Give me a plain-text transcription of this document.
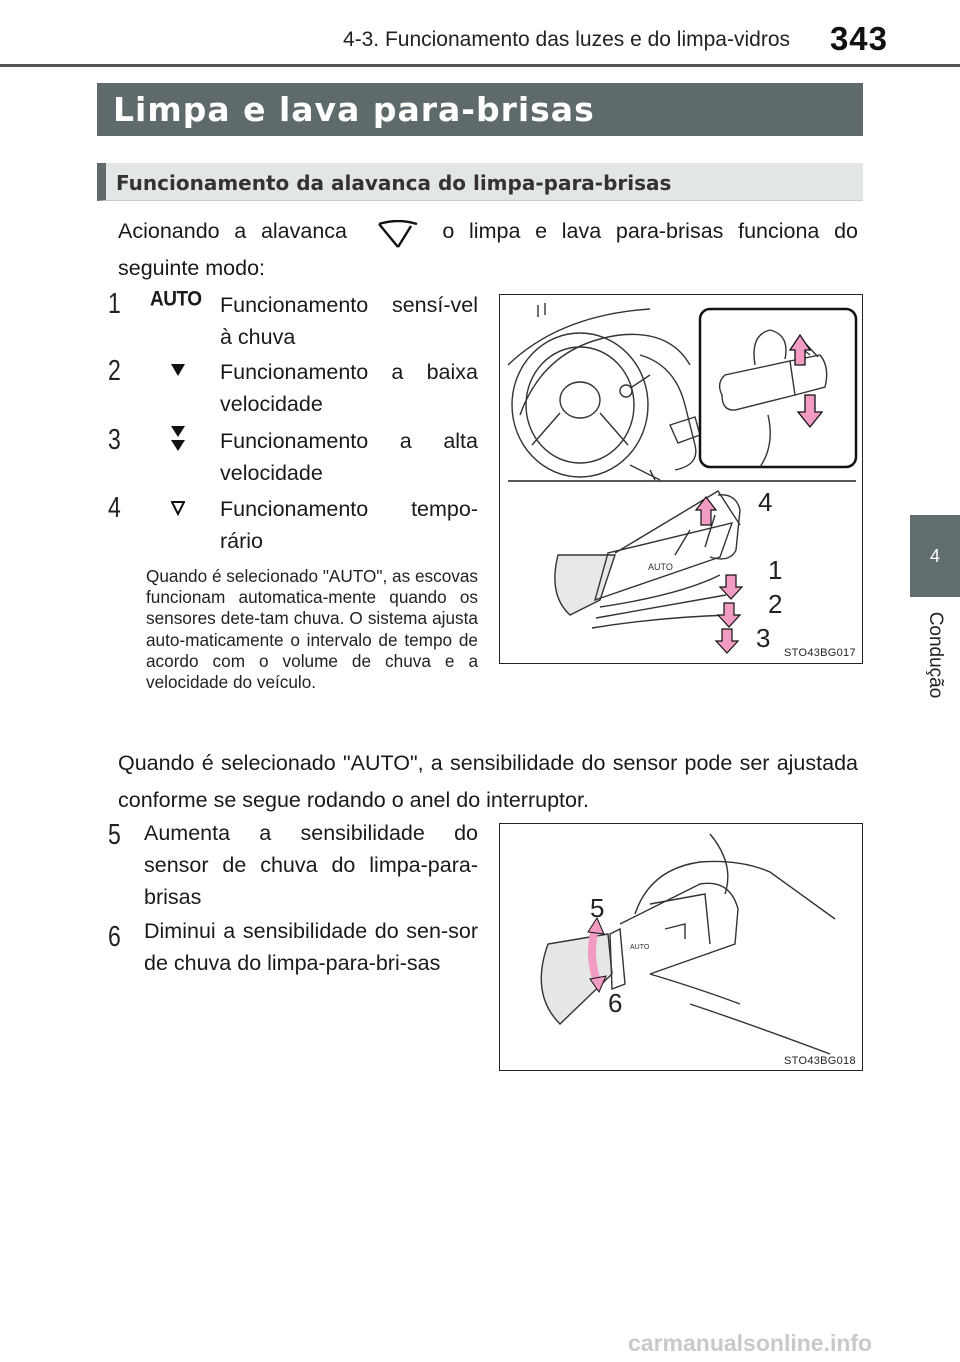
4-3. Funcionamento das luzes e do limpa-vidros	343
4
Condução
Limpa e lava para-brisas
Funcionamento da alavanca do limpa-para-brisas
Acionando a alavanca	o limpa e lava para-brisas funciona do seguinte modo:
1 AUTO Funcionamento sensí-vel à chuva
2	Funcionamento a baixa velocidade
3	Funcionamento a alta velocidade
4	Funcionamento tempo-rário
Quando é selecionado "AUTO", as escovas funcionam automatica-mente quando os sensores dete-tam chuva. O sistema ajusta auto-maticamente o intervalo de tempo de acordo com o volume de chuva e a velocidade do veículo.
AUTO
4
1
2
3 STO43BG017
Quando é selecionado "AUTO", a sensibilidade do sensor pode ser ajustada conforme se segue rodando o anel do interruptor.
5 Aumenta a sensibilidade do sensor de chuva do limpa-para-brisas
6 Diminui a sensibilidade do sen-sor de chuva do limpa-para-bri-sas
AUTO
5
6
STO43BG018
carmanualsonline.info
